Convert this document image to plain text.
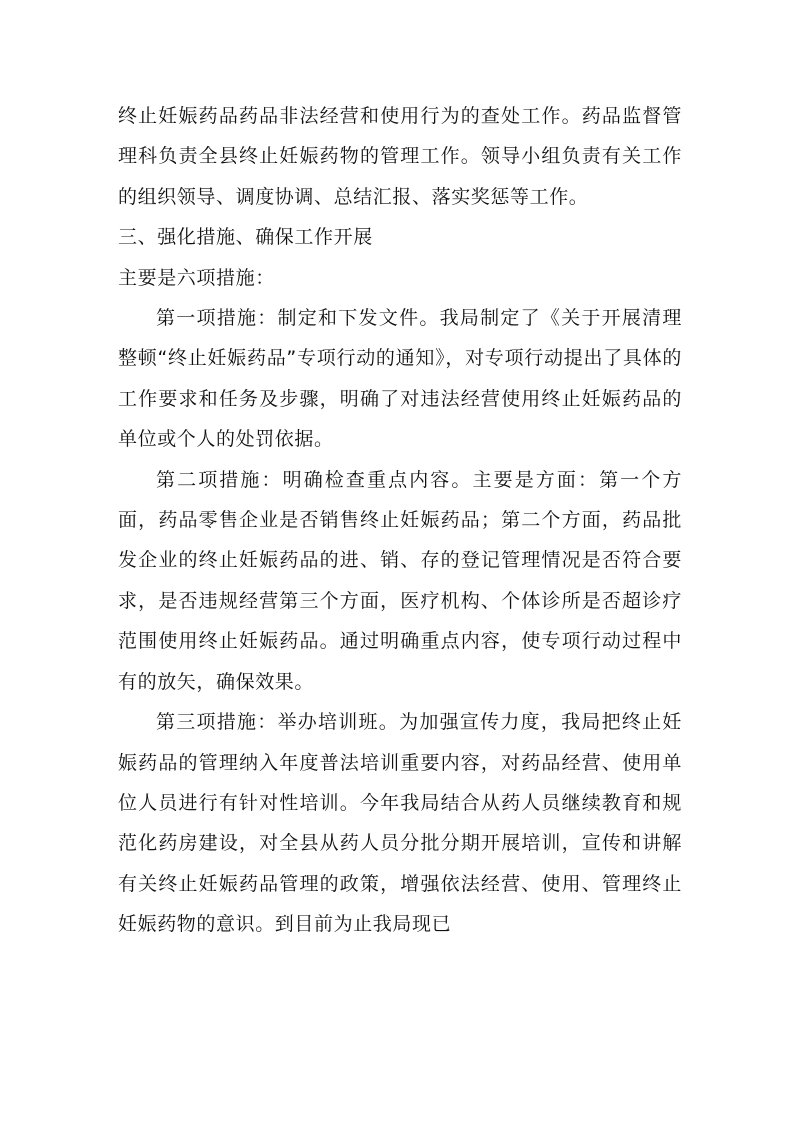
终止妊娠药品药品非法经营和使用行为的查处工作。药品监督管理科负责全县终止妊娠药物的管理工作。领导小组负责有关工作的组织领导、调度协调、总结汇报、落实奖惩等工作。

三、强化措施、确保工作开展

主要是六项措施：

第一项措施：制定和下发文件。我局制定了《关于开展清理整顿“终止妊娠药品”专项行动的通知》，对专项行动提出了具体的工作要求和任务及步骤，明确了对违法经营使用终止妊娠药品的单位或个人的处罚依据。

第二项措施：明确检查重点内容。主要是方面：第一个方面，药品零售企业是否销售终止妊娠药品；第二个方面，药品批发企业的终止妊娠药品的进、销、存的登记管理情况是否符合要求，是否违规经营第三个方面，医疗机构、个体诊所是否超诊疗范围使用终止妊娠药品。通过明确重点内容，使专项行动过程中有的放矢，确保效果。

第三项措施：举办培训班。为加强宣传力度，我局把终止妊娠药品的管理纳入年度普法培训重要内容，对药品经营、使用单位人员进行有针对性培训。今年我局结合从药人员继续教育和规范化药房建设，对全县从药人员分批分期开展培训，宣传和讲解有关终止妊娠药品管理的政策，增强依法经营、使用、管理终止妊娠药物的意识。到目前为止我局现已
